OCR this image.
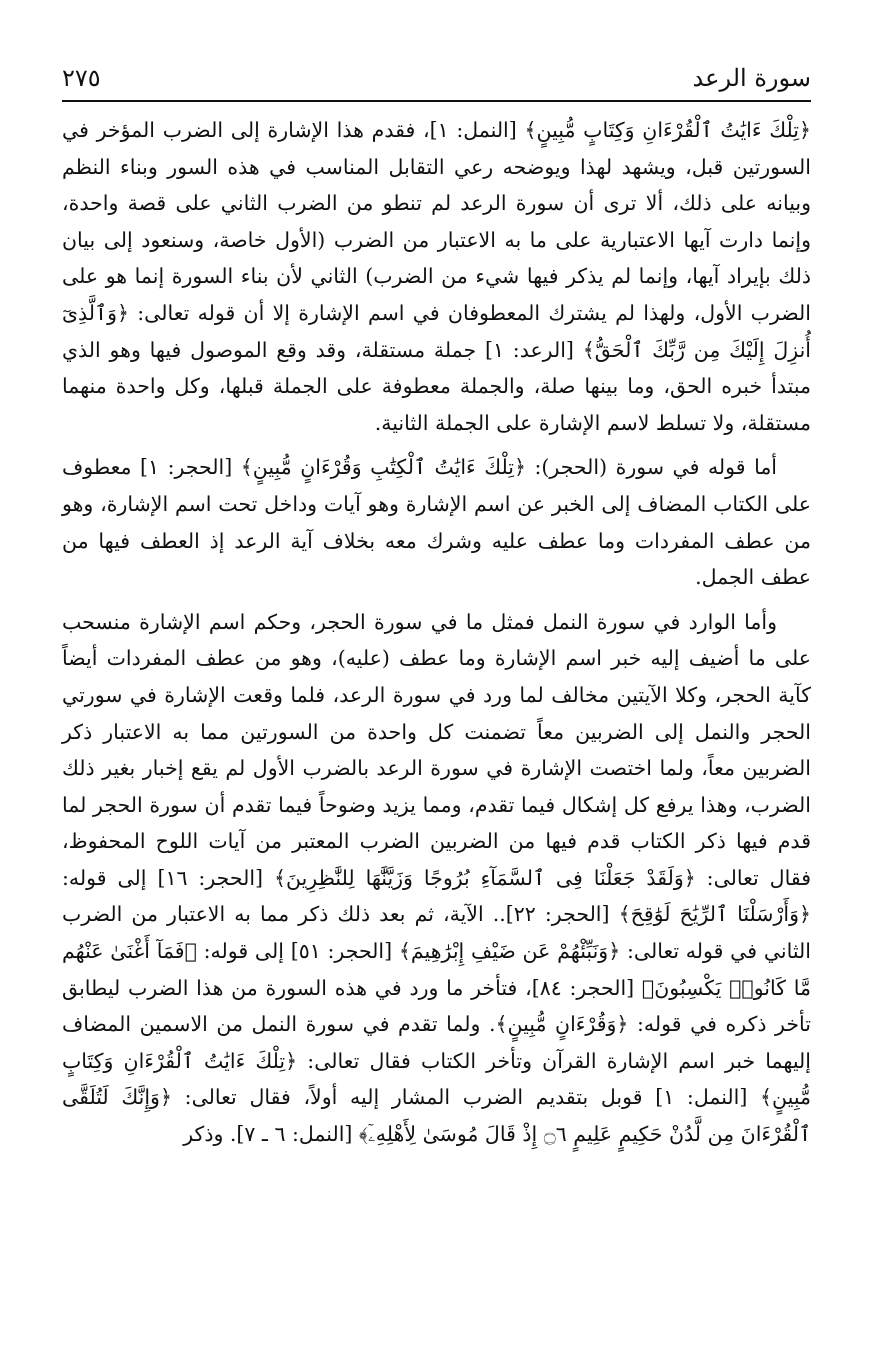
سورة الرعد
٢٧٥

﴿تِلْكَ ءَايَٰتُ ٱلْقُرْءَانِ وَكِتَابٍ مُّبِينٍ﴾ [النمل: ١]، فقدم هذا الإشارة إلى الضرب المؤخر في السورتين قبل، ويشهد لهذا ويوضحه رعي التقابل المناسب في هذه السور وبناء النظم وبيانه على ذلك، ألا ترى أن سورة الرعد لم تنطو من الضرب الثاني على قصة واحدة، وإنما دارت آيها الاعتبارية على ما به الاعتبار من الضرب (الأول خاصة، وسنعود إلى بيان ذلك بإيراد آيها، وإنما لم يذكر فيها شيء من الضرب) الثاني لأن بناء السورة إنما هو على الضرب الأول، ولهذا لم يشترك المعطوفان في اسم الإشارة إلا أن قوله تعالى: ﴿وَٱلَّذِىٓ أُنزِلَ إِلَيْكَ مِن رَّبِّكَ ٱلْحَقُّ﴾ [الرعد: ١] جملة مستقلة، وقد وقع الموصول فيها وهو الذي مبتدأ خبره الحق، وما بينها صلة، والجملة معطوفة على الجملة قبلها، وكل واحدة منهما مستقلة، ولا تسلط لاسم الإشارة على الجملة الثانية.

أما قوله في سورة (الحجر): ﴿تِلْكَ ءَايَٰتُ ٱلْكِتَٰبِ وَقُرْءَانٍ مُّبِينٍ﴾ [الحجر: ١] معطوف على الكتاب المضاف إلى الخبر عن اسم الإشارة وهو آيات وداخل تحت اسم الإشارة، وهو من عطف المفردات وما عطف عليه وشرك معه بخلاف آية الرعد إذ العطف فيها من عطف الجمل.

وأما الوارد في سورة النمل فمثل ما في سورة الحجر، وحكم اسم الإشارة منسحب على ما أضيف إليه خبر اسم الإشارة وما عطف (عليه)، وهو من عطف المفردات أيضاً كآية الحجر، وكلا الآيتين مخالف لما ورد في سورة الرعد، فلما وقعت الإشارة في سورتي الحجر والنمل إلى الضربين معاً تضمنت كل واحدة من السورتين مما به الاعتبار ذكر الضربين معاً، ولما اختصت الإشارة في سورة الرعد بالضرب الأول لم يقع إخبار بغير ذلك الضرب، وهذا يرفع كل إشكال فيما تقدم، ومما يزيد وضوحاً فيما تقدم أن سورة الحجر لما قدم فيها ذكر الكتاب قدم فيها من الضربين الضرب المعتبر من آيات اللوح المحفوظ، فقال تعالى: ﴿وَلَقَدْ جَعَلْنَا فِى ٱلسَّمَآءِ بُرُوجًا وَزَيَّنَّٰهَا لِلنَّٰظِرِينَ﴾ [الحجر: ١٦] إلى قوله: ﴿وَأَرْسَلْنَا ٱلرِّيَٰحَ لَوَٰقِحَ﴾ [الحجر: ٢٢].. الآية، ثم بعد ذلك ذكر مما به الاعتبار من الضرب الثاني في قوله تعالى: ﴿وَنَبِّئْهُمْ عَن ضَيْفِ إِبْرَٰهِيمَ﴾ [الحجر: ٥١] إلى قوله: ﴿فَمَآ أَغْنَىٰ عَنْهُم مَّا كَانُوا۟ يَكْسِبُونَ﴾ [الحجر: ٨٤]، فتأخر ما ورد في هذه السورة من هذا الضرب ليطابق تأخر ذكره في قوله: ﴿وَقُرْءَانٍ مُّبِينٍ﴾. ولما تقدم في سورة النمل من الاسمين المضاف إليهما خبر اسم الإشارة القرآن وتأخر الكتاب فقال تعالى: ﴿تِلْكَ ءَايَٰتُ ٱلْقُرْءَانِ وَكِتَابٍ مُّبِينٍ﴾ [النمل: ١] قوبل بتقديم الضرب المشار إليه أولاً، فقال تعالى: ﴿وَإِنَّكَ لَتُلَقَّى ٱلْقُرْءَانَ مِن لَّدُنْ حَكِيمٍ عَلِيمٍ ۝٦ إِذْ قَالَ مُوسَىٰ لِأَهْلِهِۦٓ﴾ [النمل: ٦ ـ ٧]. وذكر
